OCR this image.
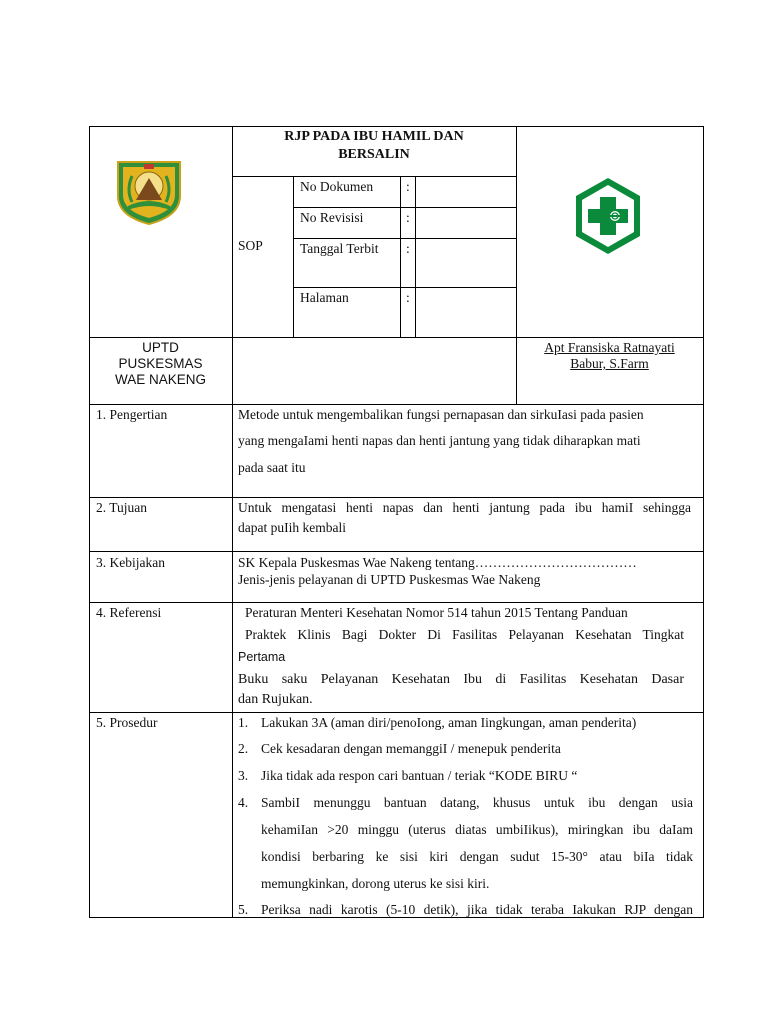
RJP PADA IBU HAMIL DAN
BERSALIN
SOP
No Dokumen :
No Revisisi	:
Tanggal Terbit :
Halaman	:
UPTD
PUSKESMAS
WAE NAKENG
Apt Fransiska Ratnayati
Babur, S.Farm
1. Pengertian	Metode untuk mengembalikan fungsi pernapasan dan sirkuIasi pada pasien
yang mengaIami henti napas dan henti jantung yang tidak diharapkan mati
pada saat itu
2. Tujuan	Untuk mengatasi henti napas dan henti jantung pada ibu hamiI sehingga
dapat puIih kembali
3. Kebijakan	SK Kepala Puskesmas Wae Nakeng tentang………………………………
Jenis-jenis pelayanan di UPTD Puskesmas Wae Nakeng
4. Referensi	Peraturan Menteri Kesehatan Nomor 514 tahun 2015 Tentang Panduan
Praktek Klinis Bagi Dokter Di Fasilitas Pelayanan Kesehatan Tingkat
Pertama
Buku saku Pelayanan Kesehatan Ibu di Fasilitas Kesehatan Dasar
dan Rujukan.
5. Prosedur	1. Lakukan 3A (aman diri/penoIong, aman Iingkungan, aman penderita)
2. Cek kesadaran dengan memanggiI / menepuk penderita
3. Jika tidak ada respon cari bantuan / teriak “KODE BIRU “
4. SambiI menunggu bantuan datang, khusus untuk ibu dengan usia
kehamiIan >20 minggu (uterus diatas umbiIikus), miringkan ibu daIam
kondisi berbaring ke sisi kiri dengan sudut 15-30° atau biIa tidak
memungkinkan, dorong uterus ke sisi kiri.
5. Periksa nadi karotis (5-10 detik), jika tidak teraba Iakukan RJP dengan
